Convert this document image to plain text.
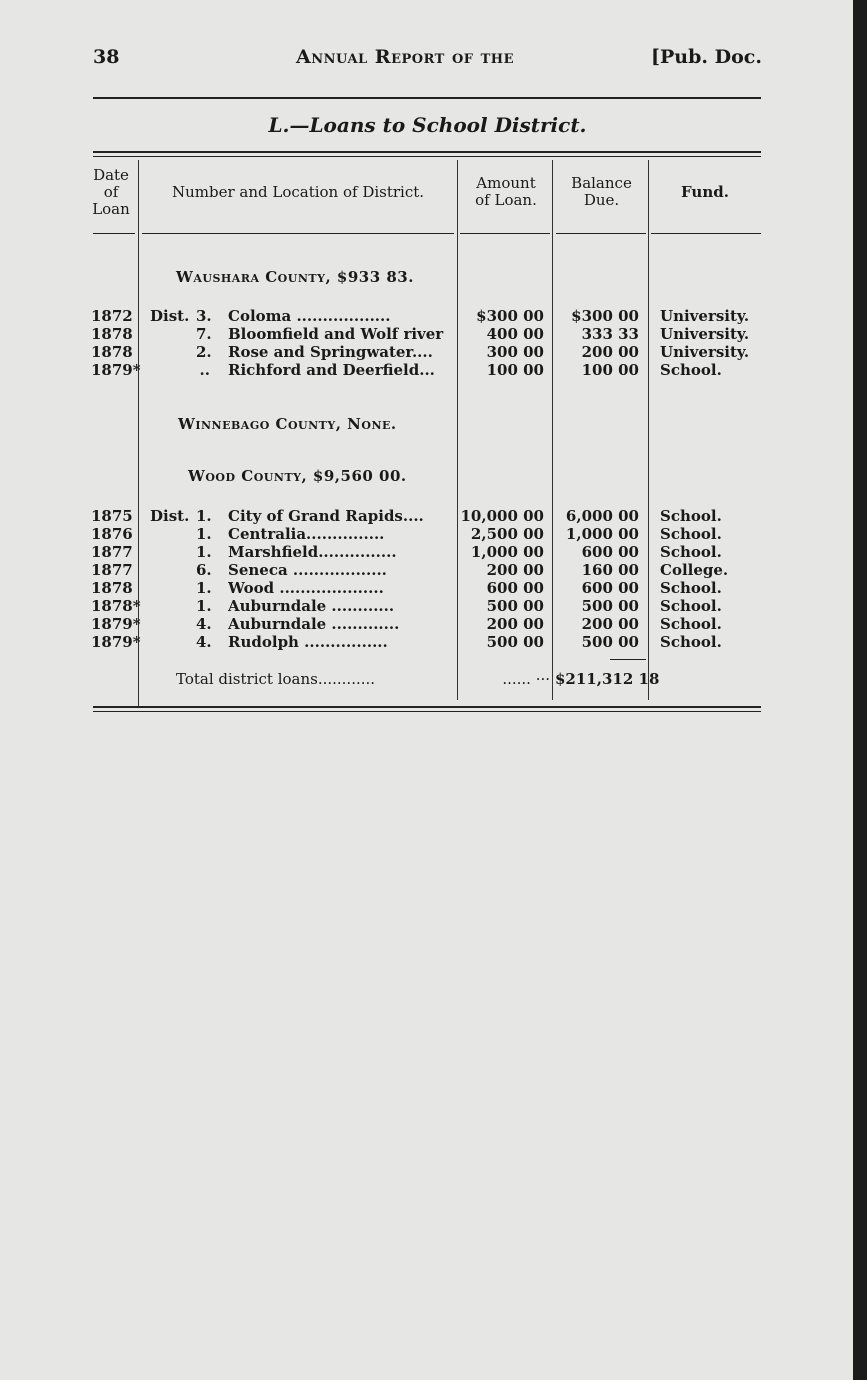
38	Annual Report of the	[Pub. Doc.
L.—Loans to School District.
Date
of
Loan
Number and Location of District.	Amount
of Loan.
Balance
Due.	Fund.
Waushara County, $933 83.
1872 Dist. 3. Coloma ..................	$300 00	$300 00 University.
1878	7. Bloomfield and Wolf river	400 00	333 33 University.
1878	2. Rose and Springwater....	300 00	200 00 University.
1879*	.. Richford and Deerfield...	100 00	100 00 School.
Winnebago County, None.
Wood County, $9,560 00.
1875 Dist. 1. City of Grand Rapids....	10,000 00	6,000 00 School.
1876	1. Centralia...............	2,500 00	1,000 00 School.
1877	1. Marshfield...............	1,000 00	600 00 School.
1877	6. Seneca ..................	200 00	160 00 College.
1878	1. Wood ....................	600 00	600 00 School.
1878*	1. Auburndale ............	500 00	500 00 School.
1879*	4. Auburndale .............	200 00	200 00 School.
1879*	4. Rudolph ................	500 00	500 00 School.
Total district loans............	...... ··· $211,312 18
